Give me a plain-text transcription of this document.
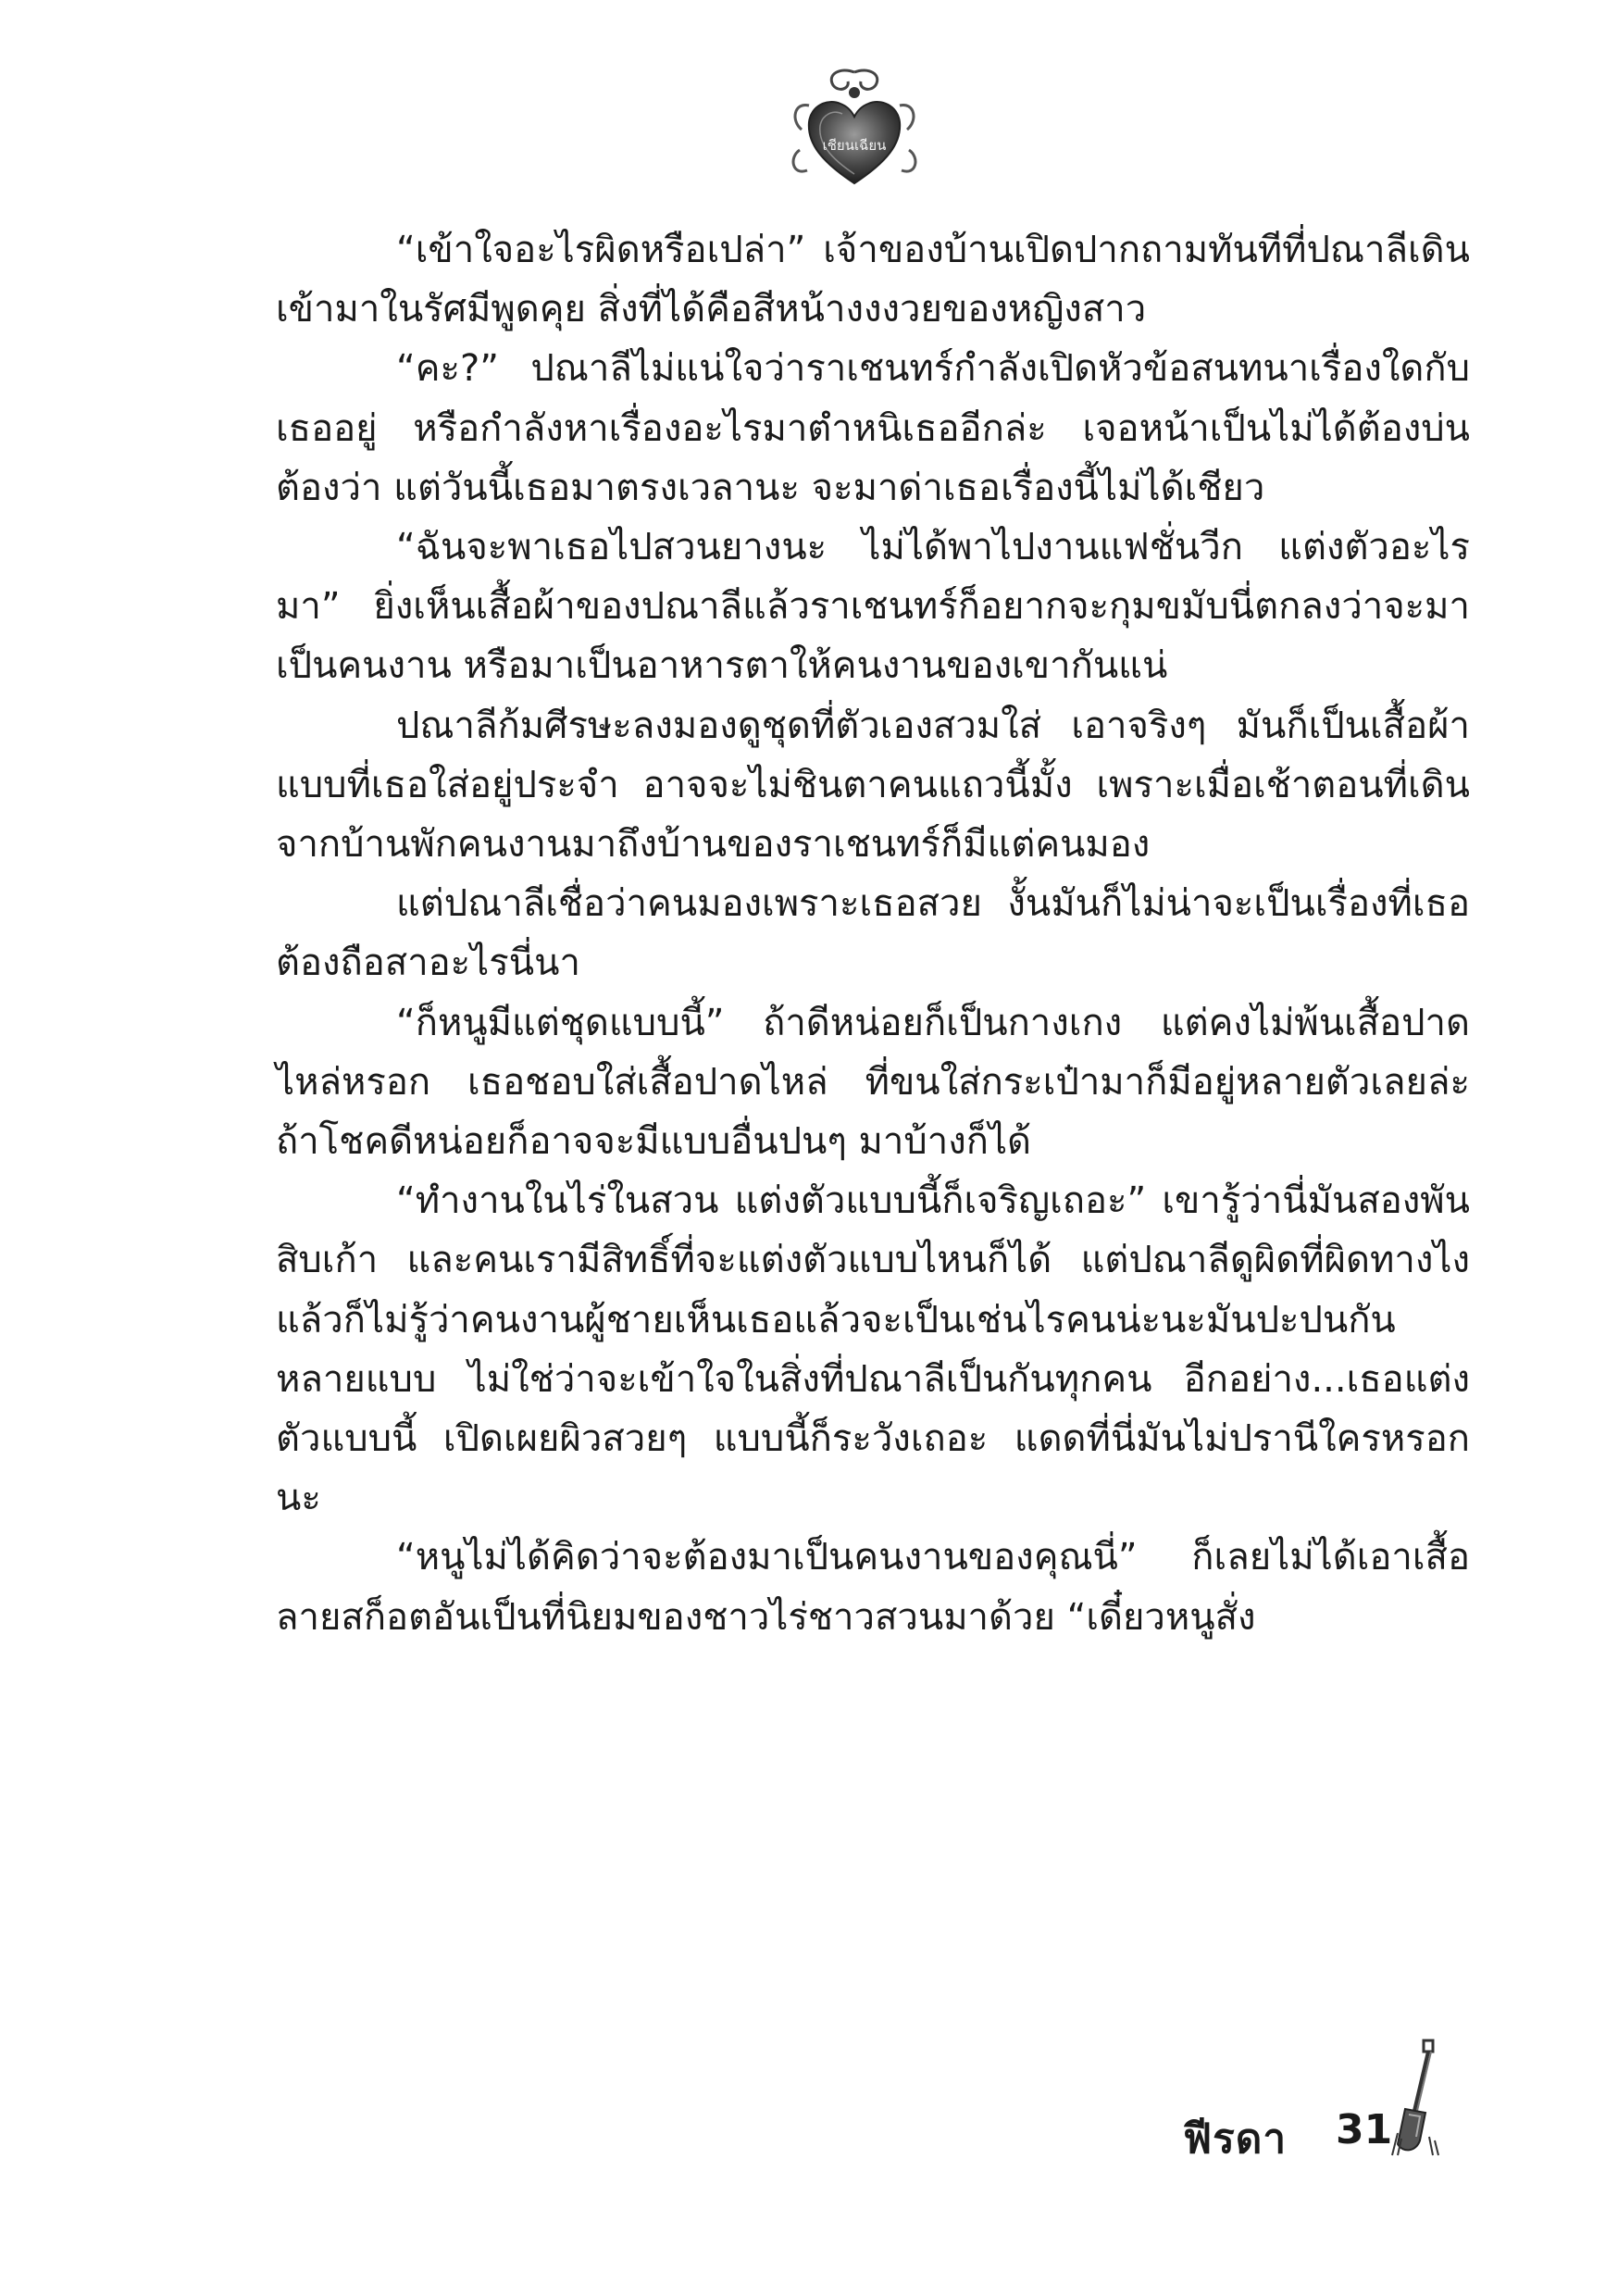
เชียนเฉียน

“เข้าใจอะไรผิดหรือเปล่า” เจ้าของบ้านเปิดปากถามทันทีที่ปณาลีเดินเข้ามาในรัศมีพูดคุย สิ่งที่ได้คือสีหน้างงงวยของหญิงสาว

“คะ?” ปณาลีไม่แน่ใจว่าราเชนทร์กำลังเปิดหัวข้อสนทนาเรื่องใดกับเธออยู่ หรือกำลังหาเรื่องอะไรมาตำหนิเธออีกล่ะ เจอหน้าเป็นไม่ได้ต้องบ่นต้องว่า แต่วันนี้เธอมาตรงเวลานะ จะมาด่าเธอเรื่องนี้ไม่ได้เชียว

“ฉันจะพาเธอไปสวนยางนะ ไม่ได้พาไปงานแฟชั่นวีก แต่งตัวอะไรมา” ยิ่งเห็นเสื้อผ้าของปณาลีแล้วราเชนทร์ก็อยากจะกุมขมับนี่ตกลงว่าจะมาเป็นคนงาน หรือมาเป็นอาหารตาให้คนงานของเขากันแน่

ปณาลีก้มศีรษะลงมองดูชุดที่ตัวเองสวมใส่ เอาจริงๆ มันก็เป็นเสื้อผ้าแบบที่เธอใส่อยู่ประจำ อาจจะไม่ชินตาคนแถวนี้มั้ง เพราะเมื่อเช้าตอนที่เดินจากบ้านพักคนงานมาถึงบ้านของราเชนทร์ก็มีแต่คนมอง

แต่ปณาลีเชื่อว่าคนมองเพราะเธอสวย งั้นมันก็ไม่น่าจะเป็นเรื่องที่เธอต้องถือสาอะไรนี่นา

“ก็หนูมีแต่ชุดแบบนี้” ถ้าดีหน่อยก็เป็นกางเกง แต่คงไม่พ้นเสื้อปาดไหล่หรอก เธอชอบใส่เสื้อปาดไหล่ ที่ขนใส่กระเป๋ามาก็มีอยู่หลายตัวเลยล่ะ ถ้าโชคดีหน่อยก็อาจจะมีแบบอื่นปนๆ มาบ้างก็ได้

“ทำงานในไร่ในสวน แต่งตัวแบบนี้ก็เจริญเถอะ” เขารู้ว่านี่มันสองพันสิบเก้า และคนเรามีสิทธิ์ที่จะแต่งตัวแบบไหนก็ได้ แต่ปณาลีดูผิดที่ผิดทางไง แล้วก็ไม่รู้ว่าคนงานผู้ชายเห็นเธอแล้วจะเป็นเช่นไรคนน่ะนะมันปะปนกันหลายแบบ ไม่ใช่ว่าจะเข้าใจในสิ่งที่ปณาลีเป็นกันทุกคน อีกอย่าง...เธอแต่งตัวแบบนี้ เปิดเผยผิวสวยๆ แบบนี้ก็ระวังเถอะ แดดที่นี่มันไม่ปรานีใครหรอกนะ

“หนูไม่ได้คิดว่าจะต้องมาเป็นคนงานของคุณนี่” ก็เลยไม่ได้เอาเสื้อลายสก็อตอันเป็นที่นิยมของชาวไร่ชาวสวนมาด้วย “เดี๋ยวหนูสั่ง

ฟีรดา 31
